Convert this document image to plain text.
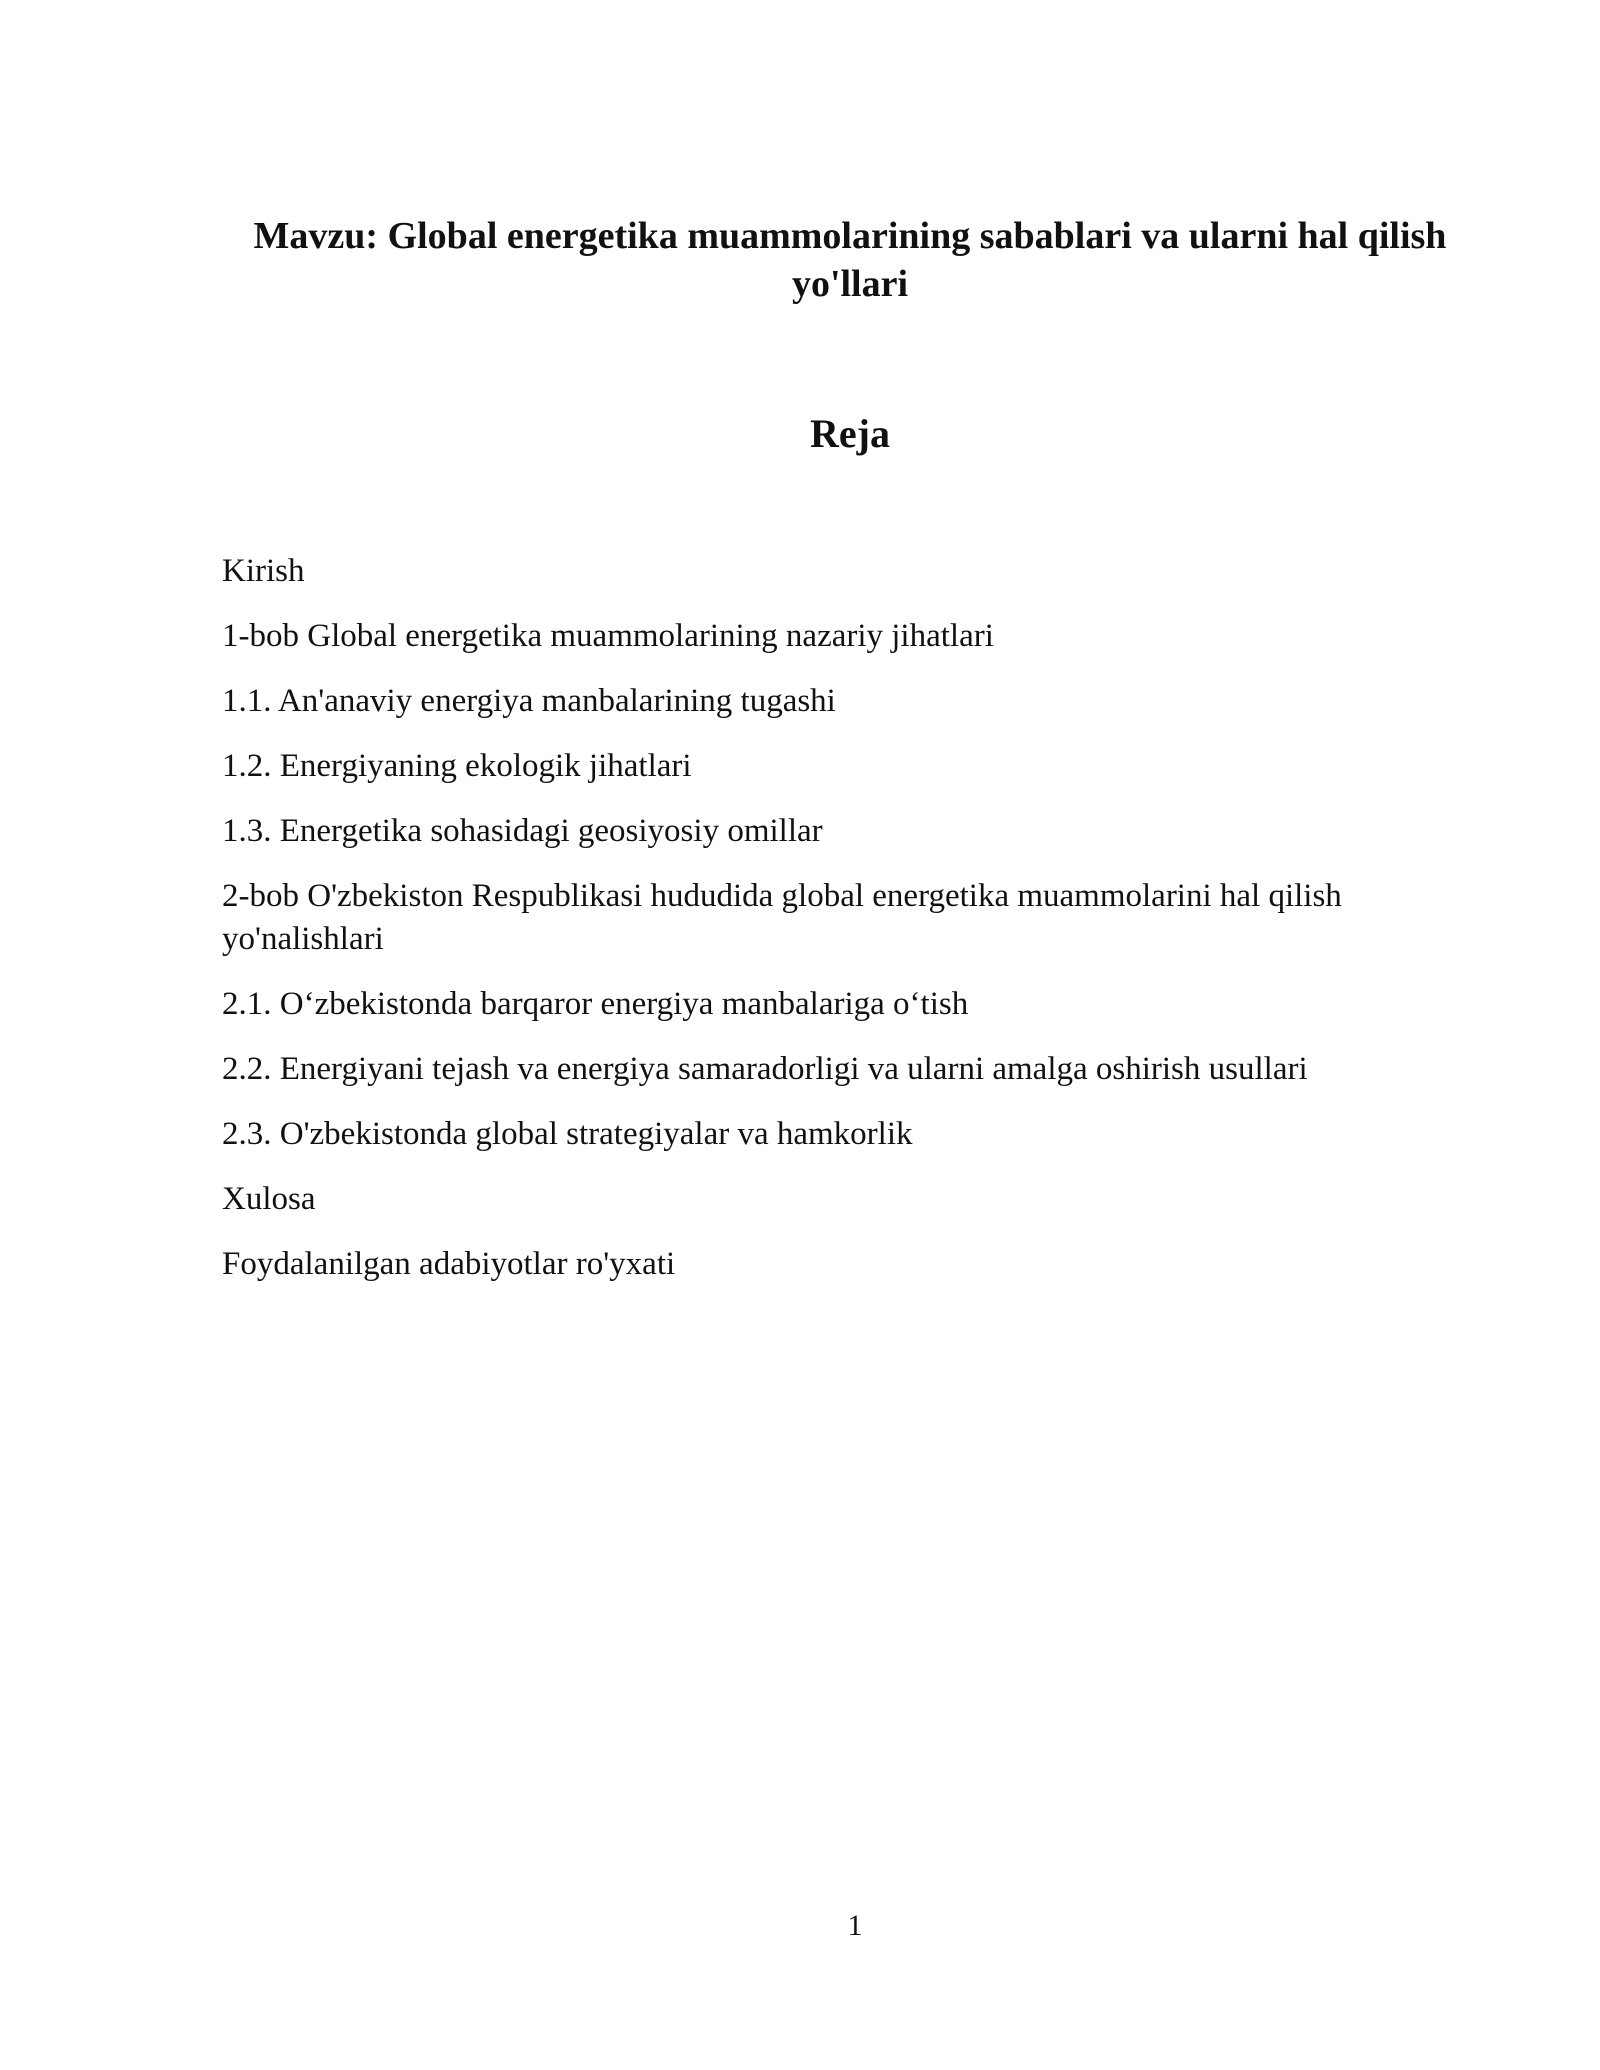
Mavzu: Global energetika muammolarining sabablari va ularni hal qilish yo'llari
Reja
Kirish
1-bob Global energetika muammolarining nazariy jihatlari
1.1. An'anaviy energiya manbalarining tugashi
1.2. Energiyaning ekologik jihatlari
1.3. Energetika sohasidagi geosiyosiy omillar
2-bob O'zbekiston Respublikasi hududida global energetika muammolarini hal qilish yo'nalishlari
2.1. O‘zbekistonda barqaror energiya manbalariga o‘tish
2.2. Energiyani tejash va energiya samaradorligi va ularni amalga oshirish usullari
2.3. O'zbekistonda global strategiyalar va hamkorlik
Xulosa
Foydalanilgan adabiyotlar ro'yxati
1
